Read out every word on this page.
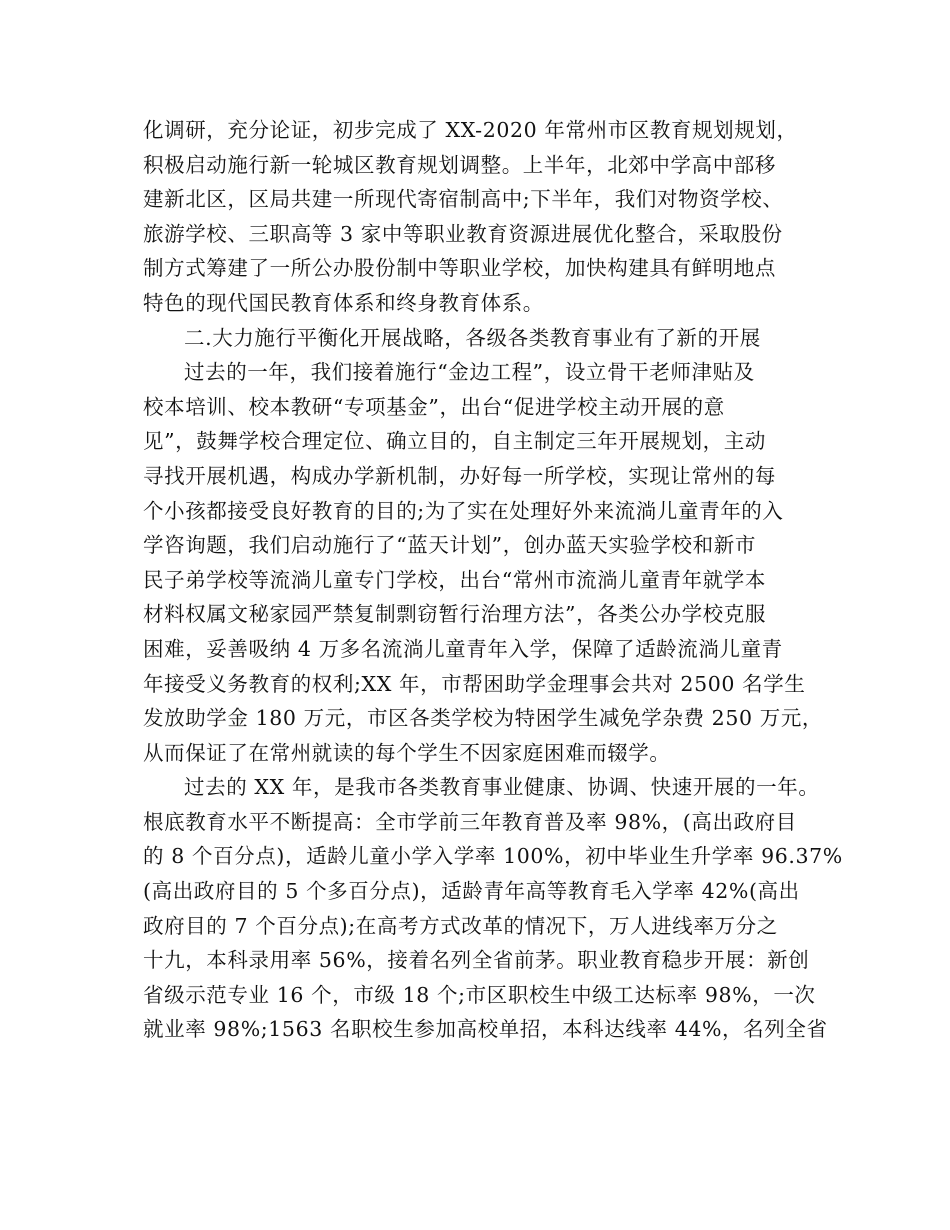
化调研，充分论证，初步完成了 XX-2020 年常州市区教育规划规划，
积极启动施行新一轮城区教育规划调整。上半年，北郊中学高中部移
建新北区，区局共建一所现代寄宿制高中;下半年，我们对物资学校、
旅游学校、三职高等 3 家中等职业教育资源进展优化整合，采取股份
制方式筹建了一所公办股份制中等职业学校，加快构建具有鲜明地点
特色的现代国民教育体系和终身教育体系。
二.大力施行平衡化开展战略，各级各类教育事业有了新的开展
过去的一年，我们接着施行“金边工程”，设立骨干老师津贴及
校本培训、校本教研“专项基金”，出台“促进学校主动开展的意
见”，鼓舞学校合理定位、确立目的，自主制定三年开展规划，主动
寻找开展机遇，构成办学新机制，办好每一所学校，实现让常州的每
个小孩都接受良好教育的目的;为了实在处理好外来流淌儿童青年的入
学咨询题，我们启动施行了“蓝天计划”，创办蓝天实验学校和新市
民子弟学校等流淌儿童专门学校，出台“常州市流淌儿童青年就学本
材料权属文秘家园严禁复制剽窃暂行治理方法”，各类公办学校克服
困难，妥善吸纳 4 万多名流淌儿童青年入学，保障了适龄流淌儿童青
年接受义务教育的权利;XX 年，市帮困助学金理事会共对 2500 名学生
发放助学金 180 万元，市区各类学校为特困学生减免学杂费 250 万元，
从而保证了在常州就读的每个学生不因家庭困难而辍学。
过去的 XX 年，是我市各类教育事业健康、协调、快速开展的一年。
根底教育水平不断提高：全市学前三年教育普及率 98%，(高出政府目
的 8 个百分点)，适龄儿童小学入学率 100%，初中毕业生升学率 96.37%
(高出政府目的 5 个多百分点)，适龄青年高等教育毛入学率 42%(高出
政府目的 7 个百分点);在高考方式改革的情况下，万人进线率万分之
十九，本科录用率 56%，接着名列全省前茅。职业教育稳步开展：新创
省级示范专业 16 个，市级 18 个;市区职校生中级工达标率 98%，一次
就业率 98%;1563 名职校生参加高校单招，本科达线率 44%，名列全省
